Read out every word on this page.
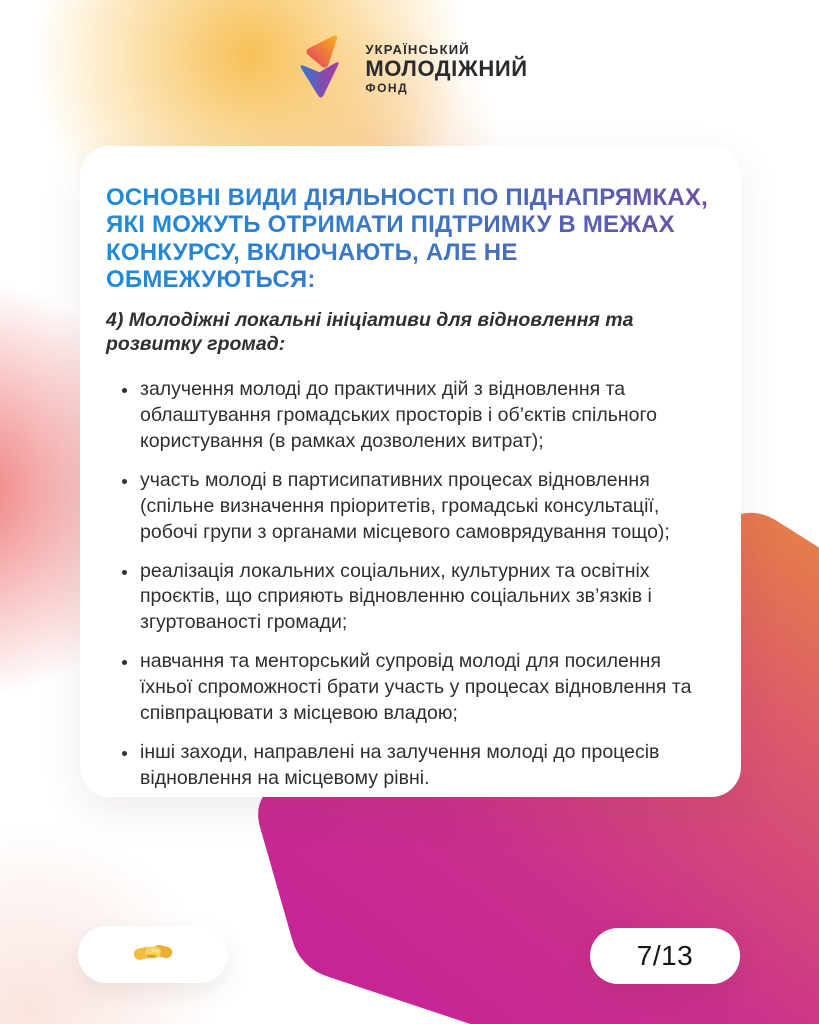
УКРАЇНСЬКИЙ
МОЛОДІЖНИЙ
ФОНД
ОСНОВНІ ВИДИ ДІЯЛЬНОСТІ ПО ПІДНАПРЯМКАХ, ЯКІ МОЖУТЬ ОТРИМАТИ ПІДТРИМКУ В МЕЖАХ КОНКУРСУ, ВКЛЮЧАЮТЬ, АЛЕ НЕ ОБМЕЖУЮТЬСЯ:
4) Молодіжні локальні ініціативи для відновлення та розвитку громад:
залучення молоді до практичних дій з відновлення та облаштування громадських просторів і об’єктів спільного користування (в рамках дозволених витрат);
участь молоді в партисипативних процесах відновлення (спільне визначення пріоритетів, громадські консультації, робочі групи з органами місцевого самоврядування тощо);
реалізація локальних соціальних, культурних та освітніх проєктів, що сприяють відновленню соціальних зв’язків і згуртованості громади;
навчання та менторський супровід молоді для посилення їхньої спроможності брати участь у процесах відновлення та співпрацювати з місцевою владою;
інші заходи, направлені на залучення молоді до процесів відновлення на місцевому рівні.
7/13
